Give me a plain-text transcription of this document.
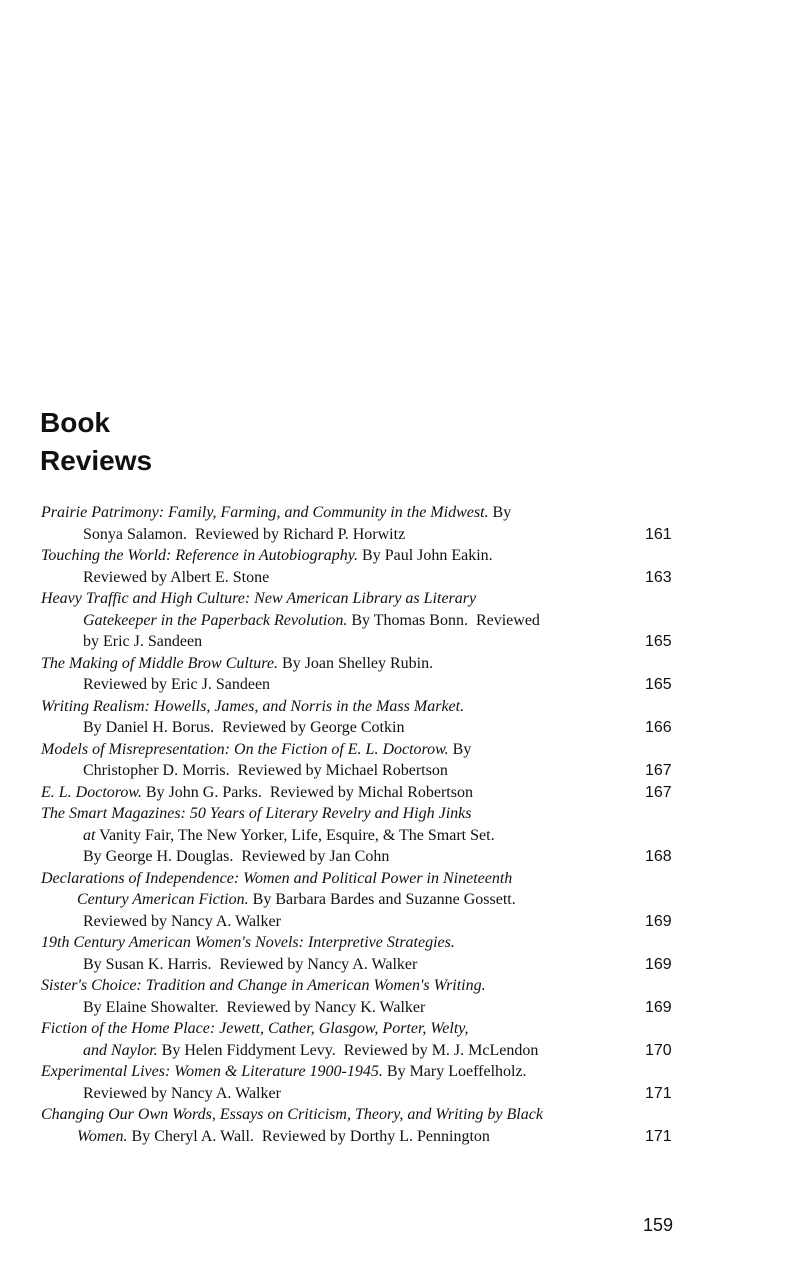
Book
Reviews
Prairie Patrimony: Family, Farming, and Community in the Midwest. By
Sonya Salamon.  Reviewed by Richard P. Horwitz	161
Touching the World: Reference in Autobiography. By Paul John Eakin.
Reviewed by Albert E. Stone	163
Heavy Traffic and High Culture: New American Library as Literary
Gatekeeper in the Paperback Revolution. By Thomas Bonn.  Reviewed
by Eric J. Sandeen	165
The Making of Middle Brow Culture. By Joan Shelley Rubin.
Reviewed by Eric J. Sandeen	165
Writing Realism: Howells, James, and Norris in the Mass Market.
By Daniel H. Borus.  Reviewed by George Cotkin	166
Models of Misrepresentation: On the Fiction of E. L. Doctorow. By
Christopher D. Morris.  Reviewed by Michael Robertson	167
E. L. Doctorow. By John G. Parks.  Reviewed by Michal Robertson	167
The Smart Magazines: 50 Years of Literary Revelry and High Jinks
at Vanity Fair, The New Yorker, Life, Esquire, & The Smart Set.
By George H. Douglas.  Reviewed by Jan Cohn	168
Declarations of Independence: Women and Political Power in Nineteenth
Century American Fiction. By Barbara Bardes and Suzanne Gossett.
Reviewed by Nancy A. Walker	169
19th Century American Women's Novels: Interpretive Strategies.
By Susan K. Harris.  Reviewed by Nancy A. Walker	169
Sister's Choice: Tradition and Change in American Women's Writing.
By Elaine Showalter.  Reviewed by Nancy K. Walker	169
Fiction of the Home Place: Jewett, Cather, Glasgow, Porter, Welty,
and Naylor. By Helen Fiddyment Levy.  Reviewed by M. J. McLendon	170
Experimental Lives: Women & Literature 1900-1945. By Mary Loeffelholz.
Reviewed by Nancy A. Walker	171
Changing Our Own Words, Essays on Criticism, Theory, and Writing by Black
Women. By Cheryl A. Wall.  Reviewed by Dorthy L. Pennington	171
159
